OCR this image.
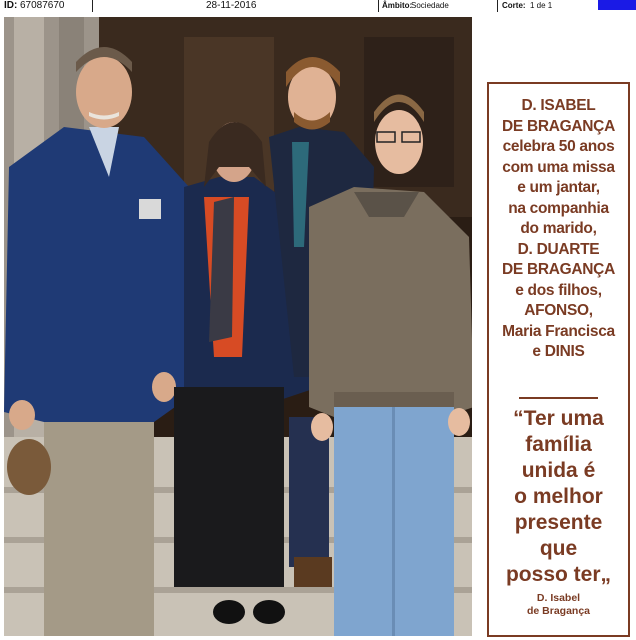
ID: 67087670	28-11-2016	Âmbito:
Sociedade	Corte: 1 de 1
D. ISABEL
DE BRAGANÇA
celebra 50 anos
com uma missa
e um jantar,
na companhia
do marido,
D. DUARTE
DE BRAGANÇA
e dos filhos,
AFONSO,
Maria Francisca
e DINIS
“Ter uma
família
unida é
o melhor
presente
que
posso ter„
D. Isabel
de Bragança
